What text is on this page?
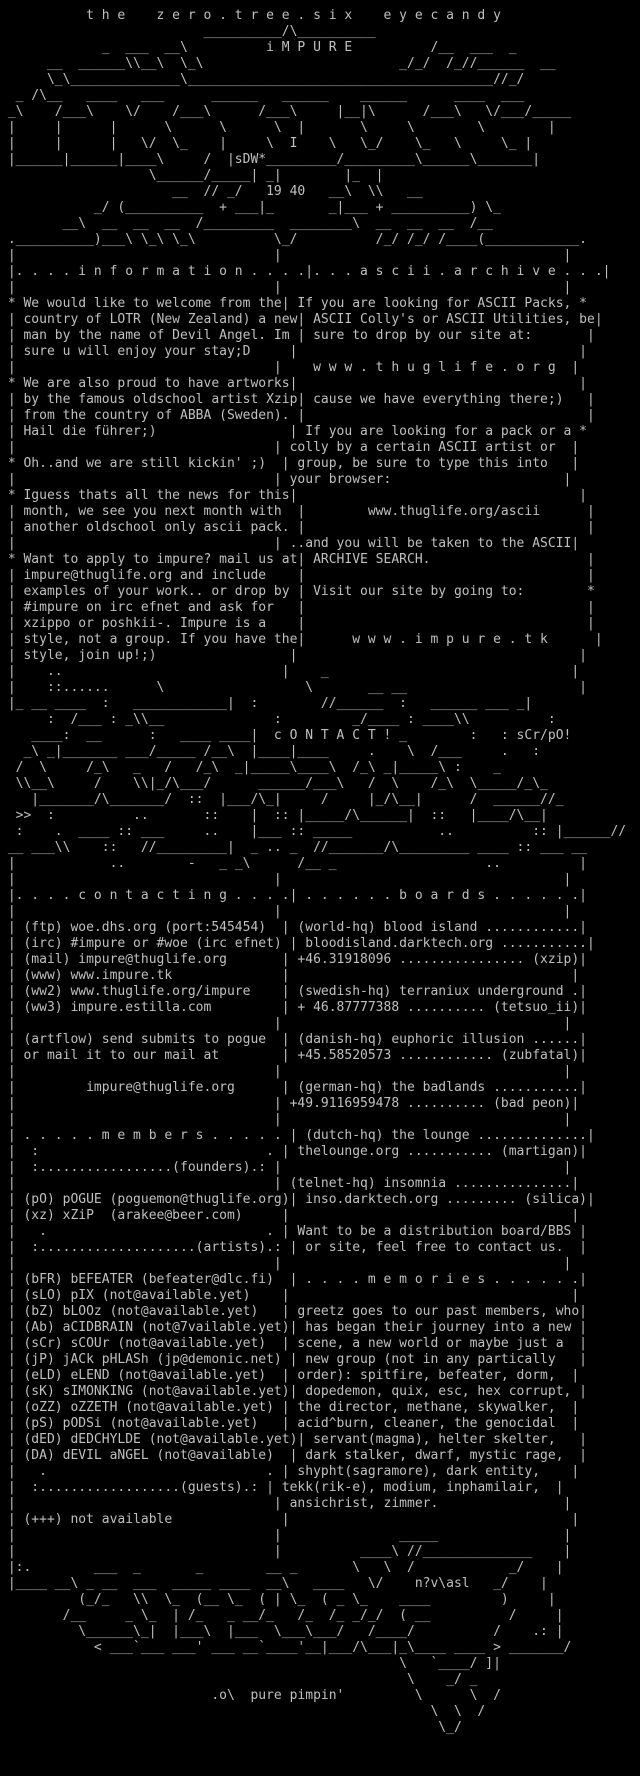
t h e    z e r o . t r e e . s i x    e y e c a n d y
__________/\__________
_  ___  __\          i M P U R E          /__  ___  _
__  ______\\__\  \_\                         _/_/  /_//______  __
\_\______________\_______________________________________//_/
_ /\__   ____   ___      ______   ______    ______      ____  ___
_\    /___\    \/    /___\      /___\     |__|\      /___\   \/___/_____
|     |      |      \      \      \  |       \     \        \        |
|     |      |   \/  \_    |     \  I    \   \_/    \_   \     \_ |
|______|______|____\     /  |sDW*_________/_________\______\_______|
\______/_____| _|        |_  |
__  // _/   19 40   __\  \\   __
_/ (__________  + ___|_       _|___ + __________) \_
__\  __  __  __  /_________  ________\  __  __  __  /__
.__________)___\ \_\ \_\          \_/          /_/ /_/ /____(____________.
|                                 |                                    |
|. . . . i n f o r m a t i o n . . . .|. . . a s c i i . a r c h i v e . . .|
|                                 |                                    |
* We would like to welcome from the| If you are looking for ASCII Packs, *
| country of LOTR (New Zealand) a new| ASCII Colly's or ASCII Utilities, be|
| man by the name of Devil Angel. Im | sure to drop by our site at:       |
| sure u will enjoy your stay;D     |                                    |
|                                 |    w w w . t h u g l i f e . o r g  |
* We are also proud to have artworks|                                    |
| by the famous oldschool artist Xzip| cause we have everything there;)   |
| from the country of ABBA (Sweden). |                                    |
| Hail die führer;)                 | If you are looking for a pack or a *
|                                 | colly by a certain ASCII artist or  |
* Oh..and we are still kickin' ;)  | group, be sure to type this into   |
|                                 | your browser:                      |
* Iguess thats all the news for this|                                    |
| month, we see you next month with  |        www.thuglife.org/ascii      |
| another oldschool only ascii pack. |                                    |
|                                 | ..and you will be taken to the ASCII|
* Want to apply to impure? mail us at| ARCHIVE SEARCH.                    |
| impure@thuglife.org and include    |                                    |
| examples of your work.. or drop by | Visit our site by going to:        *
| #impure on irc efnet and ask for   |                                    |
| xzippo or poshkii-. Impure is a    |                                    |
| style, not a group. If you have the|      w w w . i m p u r e . t k      |
| style, join up!;)                 |                                    |
|    ..                            |    _                               |
|    ::......      \                  \       __ __                      |
|_ __ ____  :   ____________|  :        //______  :   ______ ___ _|
:  /___ : _\\__              :         _/____ : ____\\          :
____:  __      :   ____ ____|  c O N T A C T ! _        :   : sCr/pO!
_\ _|_______ ___/_____ /__\  |____|____     .    \  /___     .   :
/  \     /_\   _   /   /_\  _|_____\____\  /_\ _|_____\ :    _
\\__\     /    \\|_/\___/      ______/___\   /  \    /_\  \_____/_\_
|_______/\_______/  ::  |___/\_|     /     |_/\__|      /  ______//_
>>  :          ..       ::    |  :: |_____/\______|  ::   |____/\__|
:    .  ____ :: ___     ..    |___ :: _____           ..          :: |______//
__ ___\\    ::   //_________|  _ .. _  //_______/\_________ ____ :: ___ __
|            ..        -   _ _\      /__ _                   ..          |
|                                 |                                    |
|. . . . c o n t a c t i n g . . . .| . . . . . . b o a r d s . . . . . .|
|                                 |                                    |
| (ftp) woe.dhs.org (port:545454)  | (world-hq) blood island ............|
| (irc) #impure or #woe (irc efnet) | bloodisland.darktech.org ...........|
| (mail) impure@thuglife.org       | +46.31918096 ................ (xzip)|
| (www) www.impure.tk              |                                    |
| (ww2) www.thuglife.org/impure    | (swedish-hq) terraniux underground .|
| (ww3) impure.estilla.com         | + 46.87777388 .......... (tetsuo_ii)|
|                                 |                                    |
| (artflow) send submits to pogue  | (danish-hq) euphoric illusion ......|
| or mail it to our mail at        | +45.58520573 ............ (zubfatal)|
|                                 |                                    |
|         impure@thuglife.org      | (german-hq) the badlands ...........|
|                                 | +49.9116959478 .......... (bad peon)|
|                                 |                                    |
| . . . . . m e m b e r s . . . . . | (dutch-hq) the lounge ..............|
|  :                             . | thelounge.org ........... (martigan)|
|  :.................(founders).: |                                    |
|                                 | (telnet-hq) insomnia ...............|
| (pO) pOGUE (poguemon@thuglife.org)| inso.darktech.org ......... (silica)|
| (xz) xZiP  (arakee@beer.com)     |                                    |
|   .                            . | Want to be a distribution board/BBS |
|  :....................(artists).: | or site, feel free to contact us.  |
|                                 |                                    |
| (bFR) bEFEATER (befeater@dlc.fi)  | . . . . m e m o r i e s . . . . . .|
| (sLO) pIX (not@available.yet)    |                                    |
| (bZ) bLOOz (not@available.yet)   | greetz goes to our past members, who|
| (Ab) aCIDBRAIN (not@7vailable.yet)| has began their journey into a new |
| (sCr) sCOUr (not@available.yet)  | scene, a new world or maybe just a  |
| (jP) jACk pHLASh (jp@demonic.net) | new group (not in any partically   |
| (eLD) eLEND (not@available.yet)  | order): spitfire, befeater, dorm,  |
| (sK) sIMONKING (not@available.yet)| dopedemon, quix, esc, hex corrupt, |
| (oZZ) oZZETH (not@available.yet) | the director, methane, skywalker,  |
| (pS) pODSi (not@available.yet)   | acid^burn, cleaner, the genocidal  |
| (dED) dEDCHYLDE (not@available.yet)| servant(magma), helter skelter,   |
| (DA) dEVIL aNGEL (not@available)  | dark stalker, dwarf, mystic rage,  |
|   .                            . | shypht(sagramore), dark entity,    |
|  :..................(guests).: | tekk(rik-e), modium, inphamilair,  |
|                                 | ansichrist, zimmer.                |
| (+++) not available              |                                    |
|                                 |               _____                |
|                                 |          ____\ //______________    |
|:.        ___  _       _        __ _       \   \  /            _/    |
|____ __\ _ __  ___  _____ ____  __\   ____   \/    n?v\asl   _/    |
(_/_   \\  \_  (__ \_  ( | \_  ( _ \_    ____         )     |
/__     _ \_  | /_   _ __/_   /_  /_ _/_/  ( __          /     |
\______\_|  |___\  |___  \___\___/   /____/          /    .: |
< ___`___ ___' ___ __`____'__|___/\___|_\____ ____ > _______/
\   `____/ ]|
\    _/ _
.o\  pure pimpin'         \      \  /
\  \  /
\_/
